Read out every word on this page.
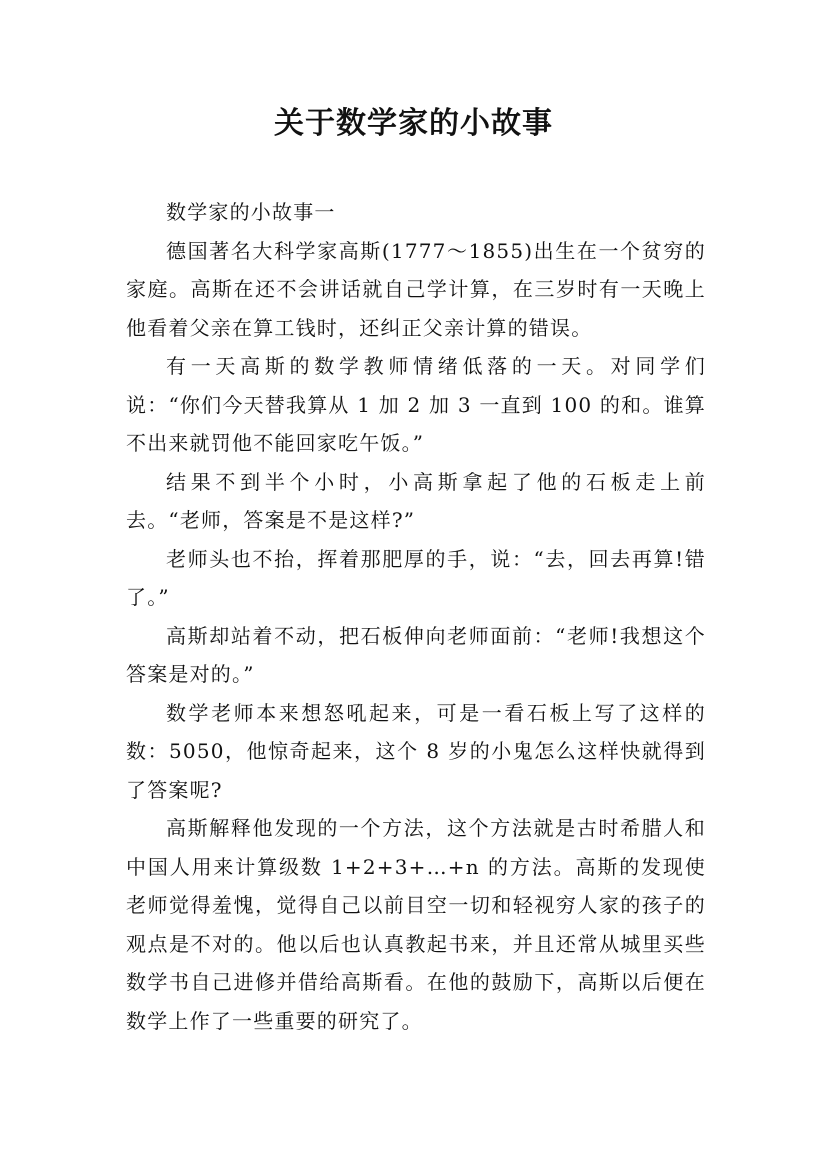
关于数学家的小故事

数学家的小故事一

德国著名大科学家高斯(1777～1855)出生在一个贫穷的家庭。高斯在还不会讲话就自己学计算，在三岁时有一天晚上他看着父亲在算工钱时，还纠正父亲计算的错误。

有一天高斯的数学教师情绪低落的一天。对同学们说：“你们今天替我算从 1 加 2 加 3 一直到 100 的和。谁算不出来就罚他不能回家吃午饭。”

结果不到半个小时，小高斯拿起了他的石板走上前去。“老师，答案是不是这样?”

老师头也不抬，挥着那肥厚的手，说：“去，回去再算!错了。”

高斯却站着不动，把石板伸向老师面前：“老师!我想这个答案是对的。”

数学老师本来想怒吼起来，可是一看石板上写了这样的数：5050，他惊奇起来，这个 8 岁的小鬼怎么这样快就得到了答案呢?

高斯解释他发现的一个方法，这个方法就是古时希腊人和中国人用来计算级数 1+2+3+…+n 的方法。高斯的发现使老师觉得羞愧，觉得自己以前目空一切和轻视穷人家的孩子的观点是不对的。他以后也认真教起书来，并且还常从城里买些数学书自己进修并借给高斯看。在他的鼓励下，高斯以后便在数学上作了一些重要的研究了。
